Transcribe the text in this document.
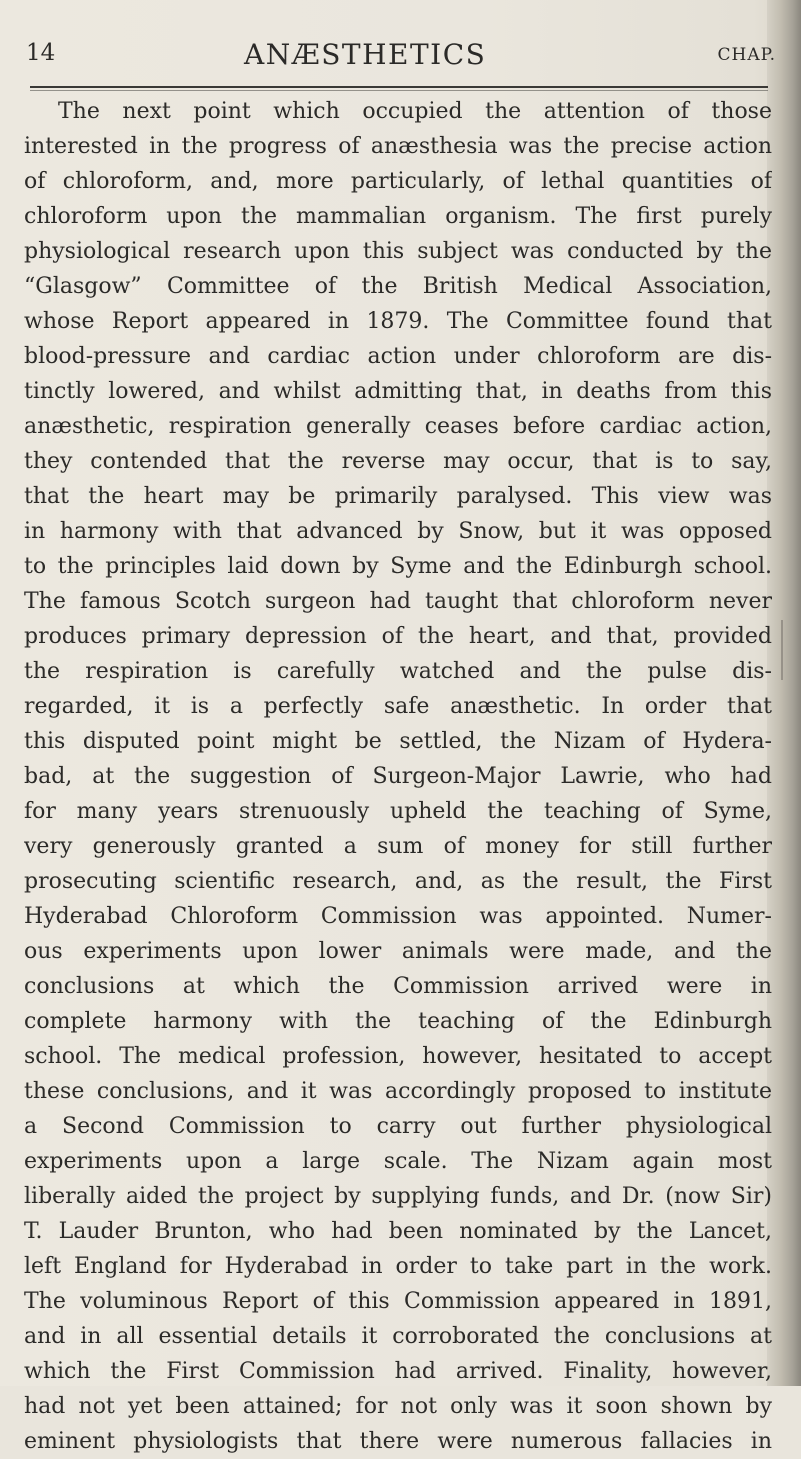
14	ANÆSTHETICS	CHAP.
The next point which occupied the attention of those
interested in the progress of anæsthesia was the precise action
of chloroform, and, more particularly, of lethal quantities of
chloroform upon the mammalian organism. The first purely
physiological research upon this subject was conducted by the
“Glasgow” Committee of the British Medical Association,
whose Report appeared in 1879. The Committee found that
blood-pressure and cardiac action under chloroform are dis-
tinctly lowered, and whilst admitting that, in deaths from this
anæsthetic, respiration generally ceases before cardiac action,
they contended that the reverse may occur, that is to say,
that the heart may be primarily paralysed. This view was
in harmony with that advanced by Snow, but it was opposed
to the principles laid down by Syme and the Edinburgh school.
The famous Scotch surgeon had taught that chloroform never
produces primary depression of the heart, and that, provided
the respiration is carefully watched and the pulse dis-
regarded, it is a perfectly safe anæsthetic. In order that
this disputed point might be settled, the Nizam of Hydera-
bad, at the suggestion of Surgeon-Major Lawrie, who had
for many years strenuously upheld the teaching of Syme,
very generously granted a sum of money for still further
prosecuting scientific research, and, as the result, the First
Hyderabad Chloroform Commission was appointed. Numer-
ous experiments upon lower animals were made, and the
conclusions at which the Commission arrived were in
complete harmony with the teaching of the Edinburgh
school. The medical profession, however, hesitated to accept
these conclusions, and it was accordingly proposed to institute
a Second Commission to carry out further physiological
experiments upon a large scale. The Nizam again most
liberally aided the project by supplying funds, and Dr. (now Sir)
T. Lauder Brunton, who had been nominated by the Lancet,
left England for Hyderabad in order to take part in the work.
The voluminous Report of this Commission appeared in 1891,
and in all essential details it corroborated the conclusions at
which the First Commission had arrived. Finality, however,
had not yet been attained; for not only was it soon shown by
eminent physiologists that there were numerous fallacies in
